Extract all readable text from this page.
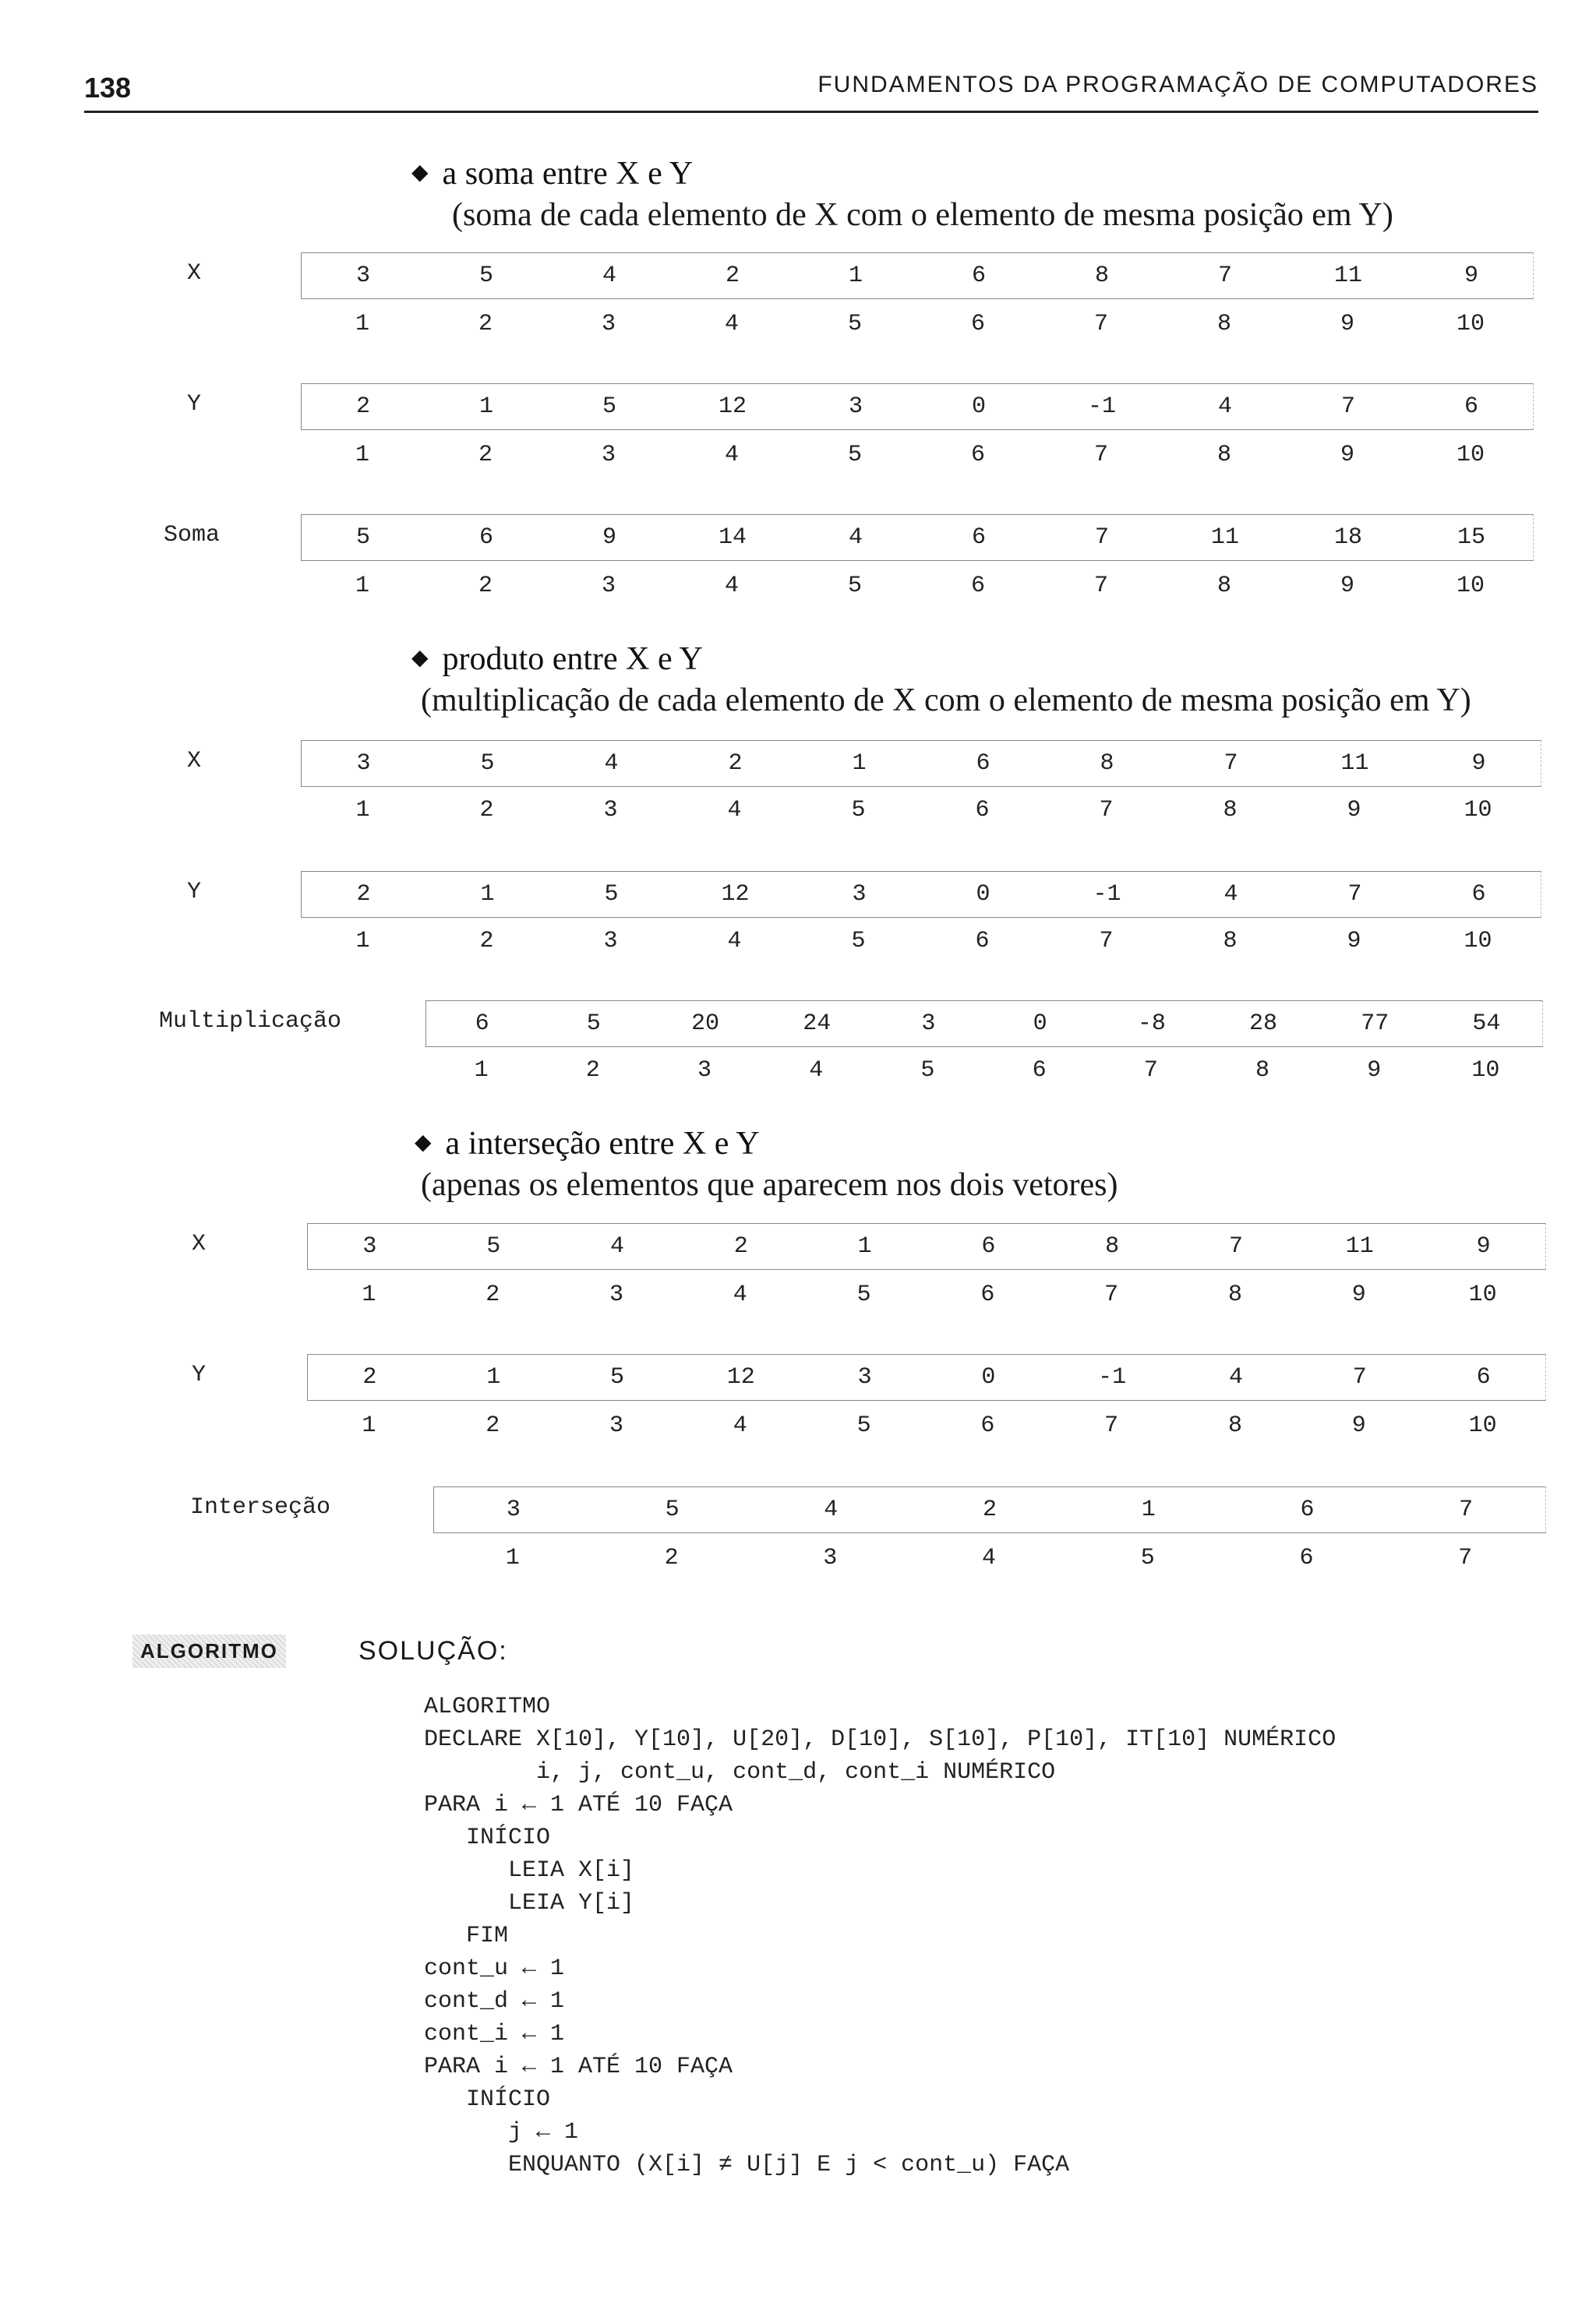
138	FUNDAMENTOS DA PROGRAMAÇÃO DE COMPUTADORES
◆ a soma entre X e Y
(soma de cada elemento de X com o elemento de mesma posição em Y)
X	3	5	4	2	1	6	8	7	11	9
1	2	3	4	5	6	7	8	9	10
Y	2	1	5	12	3	0	-1	4	7	6
1	2	3	4	5	6	7	8	9	10
Soma	5	6	9	14	4	6	7	11	18	15
1	2	3	4	5	6	7	8	9	10
◆ produto entre X e Y
(multiplicação de cada elemento de X com o elemento de mesma posição em Y)
X	3	5	4	2	1	6	8	7	11	9
1	2	3	4	5	6	7	8	9	10
Y	2	1	5	12	3	0	-1	4	7	6
1	2	3	4	5	6	7	8	9	10
Multiplicação	6	5	20	24	3	0	-8	28	77	54
1	2	3	4	5	6	7	8	9	10
◆ a interseção entre X e Y
(apenas os elementos que aparecem nos dois vetores)
X	3	5	4	2	1	6	8	7	11	9
1	2	3	4	5	6	7	8	9	10
Y	2	1	5	12	3	0	-1	4	7	6
1	2	3	4	5	6	7	8	9	10
Interseção	3	5	4	2	1	6	7
1	2	3	4	5	6	7
ALGORITMO	SOLUÇÃO:
ALGORITMO
DECLARE X[10], Y[10], U[20], D[10], S[10], P[10], IT[10] NUMÉRICO
i, j, cont_u, cont_d, cont_i NUMÉRICO
PARA i ← 1 ATÉ 10 FAÇA
INÍCIO
LEIA X[i]
LEIA Y[i]
FIM
cont_u ← 1
cont_d ← 1
cont_i ← 1
PARA i ← 1 ATÉ 10 FAÇA
INÍCIO
j ← 1
ENQUANTO (X[i] ≠ U[j] E j < cont_u) FAÇA
